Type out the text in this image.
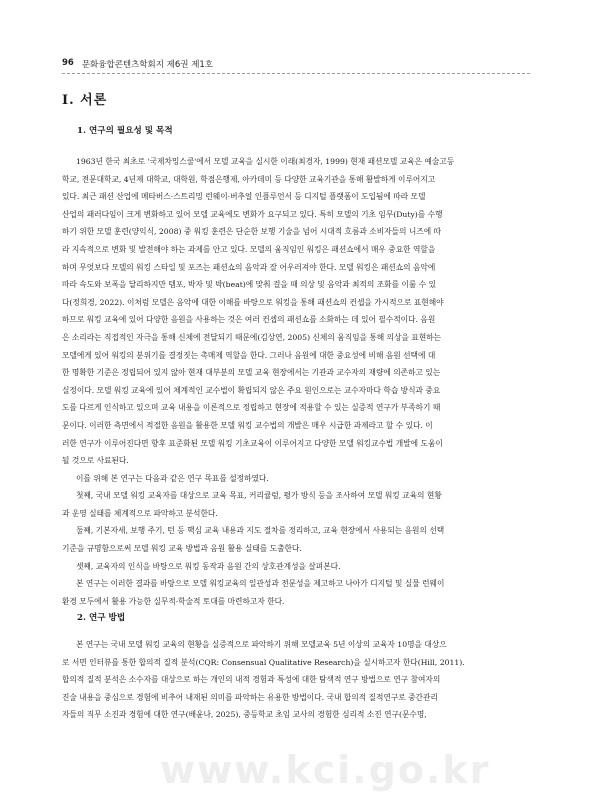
96 문화융합콘텐츠학회지 제6권 제1호
Ⅰ. 서론
1. 연구의 필요성 및 목적
1963년 한국 최초로 '국제차밍스쿨'에서 모델 교육을 실시한 이래(최경자, 1999) 현재 패션모델 교육은 예술고등
학교, 전문대학교, 4년제 대학교, 대학원, 학점은행제, 아카데미 등 다양한 교육기관을 통해 활발하게 이루어지고
있다. 최근 패션 산업에 메타버스·스트리밍 런웨이·버추얼 인플루언서 등 디지털 플랫폼이 도입됨에 따라 모델
산업의 패러다임이 크게 변화하고 있어 모델 교육에도 변화가 요구되고 있다. 특히 모델의 기초 임무(Duty)를 수행
하기 위한 모델 훈련(양익식, 2008) 중 워킹 훈련은 단순한 보행 기술을 넘어 시대적 흐름과 소비자들의 니즈에 따
라 지속적으로 변화 및 발전해야 하는 과제를 안고 있다. 모델의 움직임인 워킹은 패션쇼에서 매우 중요한 역할을
하며 무엇보다 모델의 워킹 스타일 및 포즈는 패션쇼의 음악과 잘 어우러져야 한다. 모델 워킹은 패션쇼의 음악에
따라 속도와 보폭을 달리하지만 템포, 박자 및 박(beat)에 맞춰 걸을 때 의상 및 음악과 최적의 조화를 이룰 수 있
다(정희경, 2022). 이처럼 모델은 음악에 대한 이해를 바탕으로 워킹을 통해 패션쇼의 컨셉을 가시적으로 표현해야
하므로 워킹 교육에 있어 다양한 음원을 사용하는 것은 여러 컨셉의 패션쇼를 소화하는 데 있어 필수적이다. 음원
은 소리라는 직접적인 자극을 통해 신체에 전달되기 때문에(김상연, 2005) 신체의 움직임을 통해 의상을 표현하는
모델에게 있어 워킹의 분위기를 결정짓는 촉매제 역할을 한다. 그러나 음원에 대한 중요성에 비해 음원 선택에 대
한 명확한 기준은 정립되어 있지 않아 현재 대부분의 모델 교육 현장에서는 기관과 교수자의 재량에 의존하고 있는
실정이다. 모델 워킹 교육에 있어 체계적인 교수법이 확립되지 않은 주요 원인으로는 교수자마다 학습 방식과 중요
도를 다르게 인식하고 있으며 교육 내용을 이론적으로 정립하고 현장에 적용할 수 있는 실증적 연구가 부족하기 때
문이다. 이러한 측면에서 적절한 음원을 활용한 모델 워킹 교수법의 개발은 매우 시급한 과제라고 할 수 있다. 이
러한 연구가 이루어진다면 향후 표준화된 모델 워킹 기초교육이 이루어지고 다양한 모델 워킹교수법 개발에 도움이
될 것으로 사료된다.
이를 위해 본 연구는 다음과 같은 연구 목표를 설정하였다.
첫째, 국내 모델 워킹 교육자를 대상으로 교육 목표, 커리큘럼, 평가 방식 등을 조사하여 모델 워킹 교육의 현황
과 운영 실태를 체계적으로 파악하고 분석한다.
둘째, 기본자세, 보행 주기, 턴 등 핵심 교육 내용과 지도 절차를 정리하고, 교육 현장에서 사용되는 음원의 선택
기준을 규명함으로써 모델 워킹 교육 방법과 음원 활용 실태를 도출한다.
셋째, 교육자의 인식을 바탕으로 워킹 동작과 음원 간의 상호관계성을 살펴본다.
본 연구는 이러한 결과를 바탕으로 모델 워킹교육의 일관성과 전문성을 제고하고 나아가 디지털 및 실물 런웨이
환경 모두에서 활용 가능한 실무적·학술적 토대를 마련하고자 한다.
2. 연구 방법
본 연구는 국내 모델 워킹 교육의 현황을 실증적으로 파악하기 위해 모델교육 5년 이상의 교육자 10명을 대상으
로 서면 인터뷰를 통한 합의적 질적 분석(CQR: Consensual Qualitative Research)을 실시하고자 한다(Hill, 2011).
합의적 질적 분석은 소수자를 대상으로 하는 개인의 내적 경험과 특성에 대한 탐색적 연구 방법으로 연구 참여자의
진술 내용을 중심으로 경험에 비추어 내재된 의미를 파악하는 유용한 방법이다. 국내 합의적 질적연구로 중간관리
자들의 직무 소진과 경험에 대한 연구(배윤나, 2025), 중등학교 초임 교사의 경험한 심리적 소진 연구(문수명,
www.kci.go.kr
